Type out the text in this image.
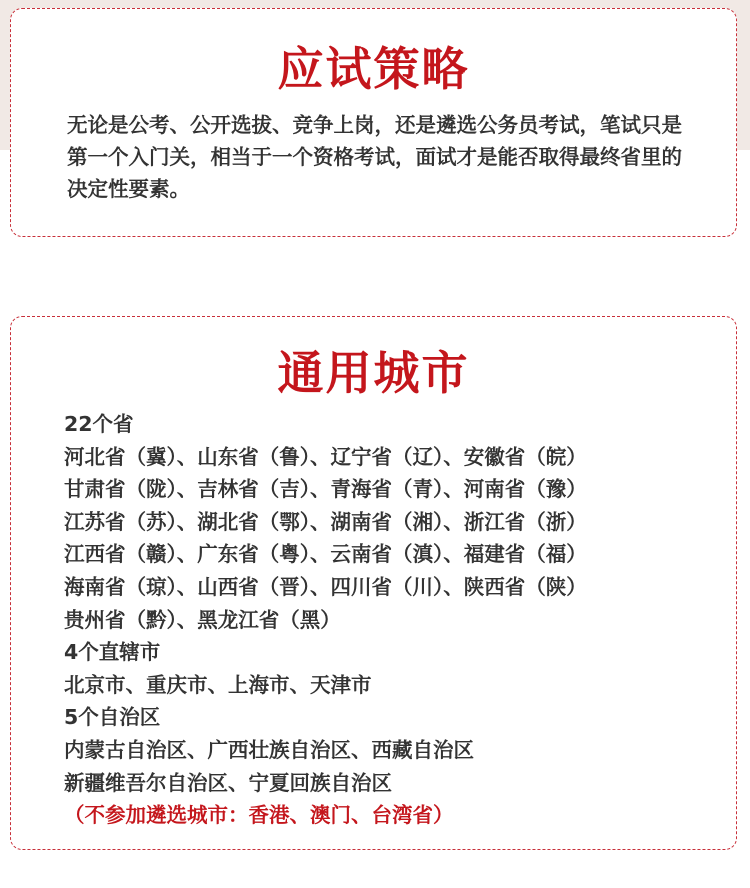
应试策略

无论是公考、公开选拔、竞争上岗，还是遴选公务员考试，笔试只是第一个入门关，相当于一个资格考试，面试才是能否取得最终省里的决定性要素。

通用城市
22个省
河北省（冀）、山东省（鲁）、辽宁省（辽）、安徽省（皖）
甘肃省（陇）、吉林省（吉）、青海省（青）、河南省（豫）
江苏省（苏）、湖北省（鄂）、湖南省（湘）、浙江省（浙）
江西省（赣）、广东省（粤）、云南省（滇）、福建省（福）
海南省（琼）、山西省（晋）、四川省（川）、陕西省（陕）
贵州省（黔）、黑龙江省（黑）
4个直辖市
北京市、重庆市、上海市、天津市
5个自治区
内蒙古自治区、广西壮族自治区、西藏自治区
新疆维吾尔自治区、宁夏回族自治区
（不参加遴选城市：香港、澳门、台湾省）
